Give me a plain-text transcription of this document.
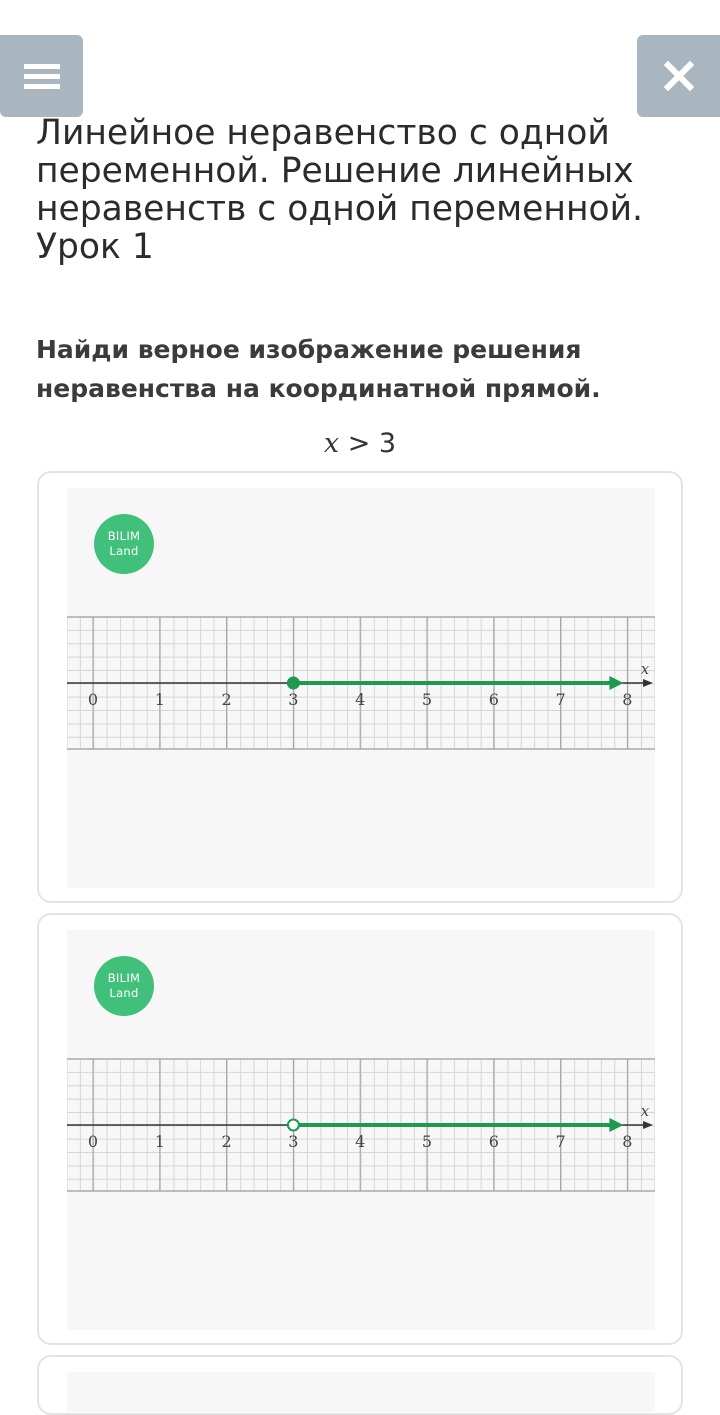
Линейное неравенство с одной переменной. Решение линейных неравенств с одной переменной. Урок 1

Найди верное изображение решения неравенства на координатной прямой.

x > 3
BILIM
Land
0	1	2	3	4	5	6	7	8
x
BILIM
Land
0	1	2	3	4	5	6	7	8
x
